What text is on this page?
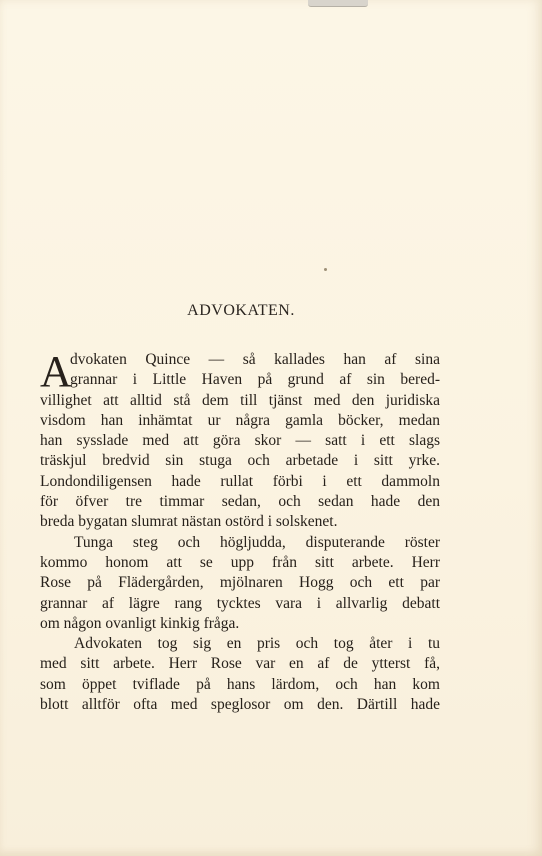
ADVOKATEN.
A
dvokaten Quince — så kallades han af sina
grannar i Little Haven på grund af sin bered-
villighet att alltid stå dem till tjänst med den juridiska
visdom han inhämtat ur några gamla böcker, medan
han sysslade med att göra skor — satt i ett slags
träskjul bredvid sin stuga och arbetade i sitt yrke.
Londondiligensen hade rullat förbi i ett dammoln
för öfver tre timmar sedan, och sedan hade den
breda bygatan slumrat nästan ostörd i solskenet.
Tunga steg och högljudda, disputerande röster
kommo honom att se upp från sitt arbete. Herr
Rose på Flädergården, mjölnaren Hogg och ett par
grannar af lägre rang tycktes vara i allvarlig debatt
om någon ovanligt kinkig fråga.
Advokaten tog sig en pris och tog åter i tu
med sitt arbete. Herr Rose var en af de ytterst få,
som öppet tviflade på hans lärdom, och han kom
blott alltför ofta med speglosor om den. Därtill hade
